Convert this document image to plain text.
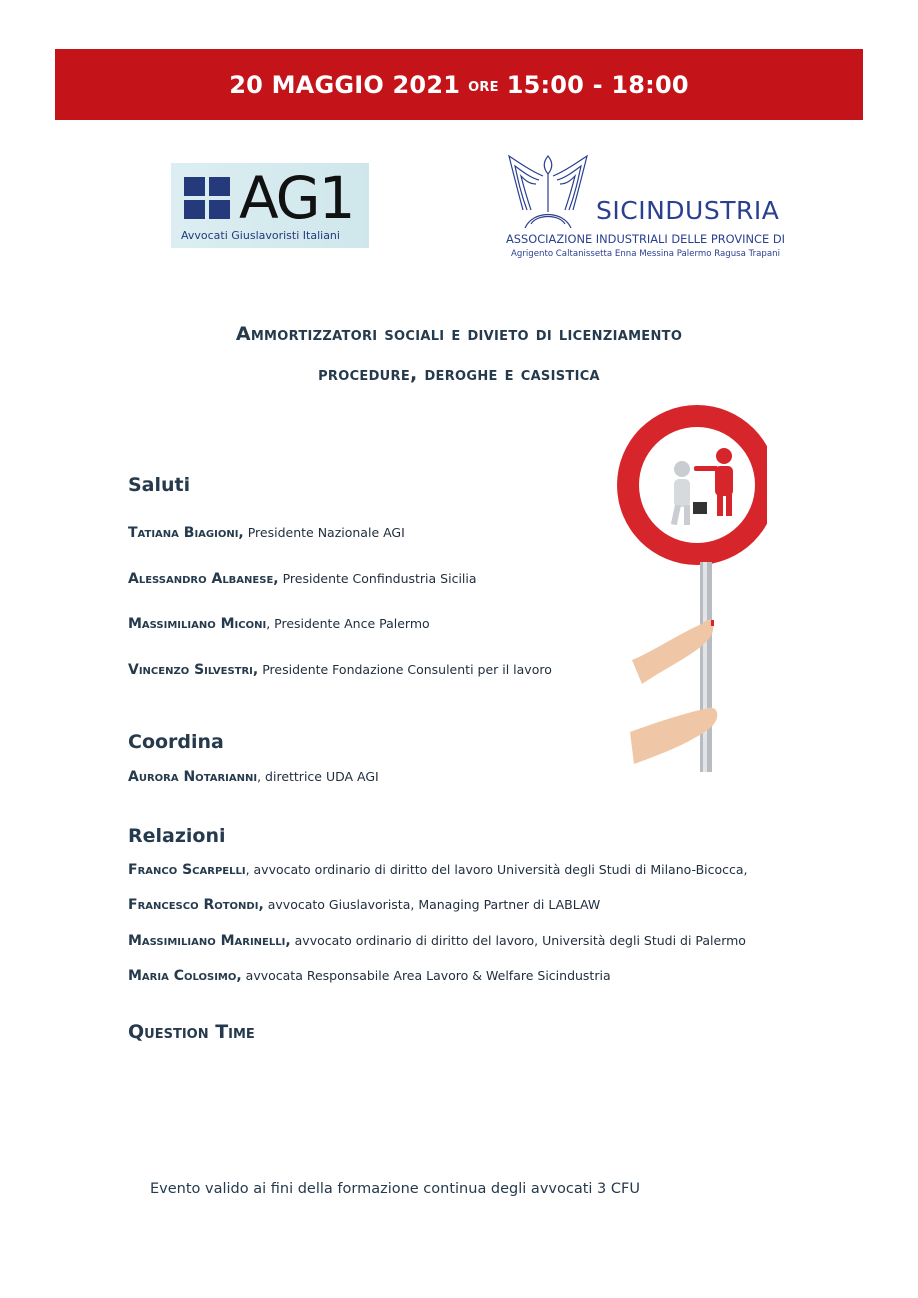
20 MAGGIO 2021 ore 15:00 - 18:00
AG1
Avvocati Giuslavoristi Italiani
SICINDUSTRIA
ASSOCIAZIONE INDUSTRIALI DELLE PROVINCE DI
Agrigento Caltanissetta Enna Messina Palermo Ragusa Trapani
Ammortizzatori sociali e divieto di licenziamento
procedure, deroghe e casistica
Saluti
Tatiana Biagioni, Presidente Nazionale AGI
Alessandro Albanese, Presidente Confindustria Sicilia
Massimiliano Miconi, Presidente Ance Palermo
Vincenzo Silvestri, Presidente Fondazione Consulenti per il lavoro
Coordina
Aurora Notarianni, direttrice UDA AGI
Relazioni
Franco Scarpelli, avvocato ordinario di diritto del lavoro Università degli Studi di Milano-Bicocca,
Francesco Rotondi, avvocato Giuslavorista, Managing Partner di LABLAW
Massimiliano Marinelli, avvocato ordinario di diritto del lavoro, Università degli Studi di Palermo
Maria Colosimo, avvocata Responsabile Area Lavoro & Welfare Sicindustria
Question Time
Evento valido ai fini della formazione continua degli avvocati 3 CFU
